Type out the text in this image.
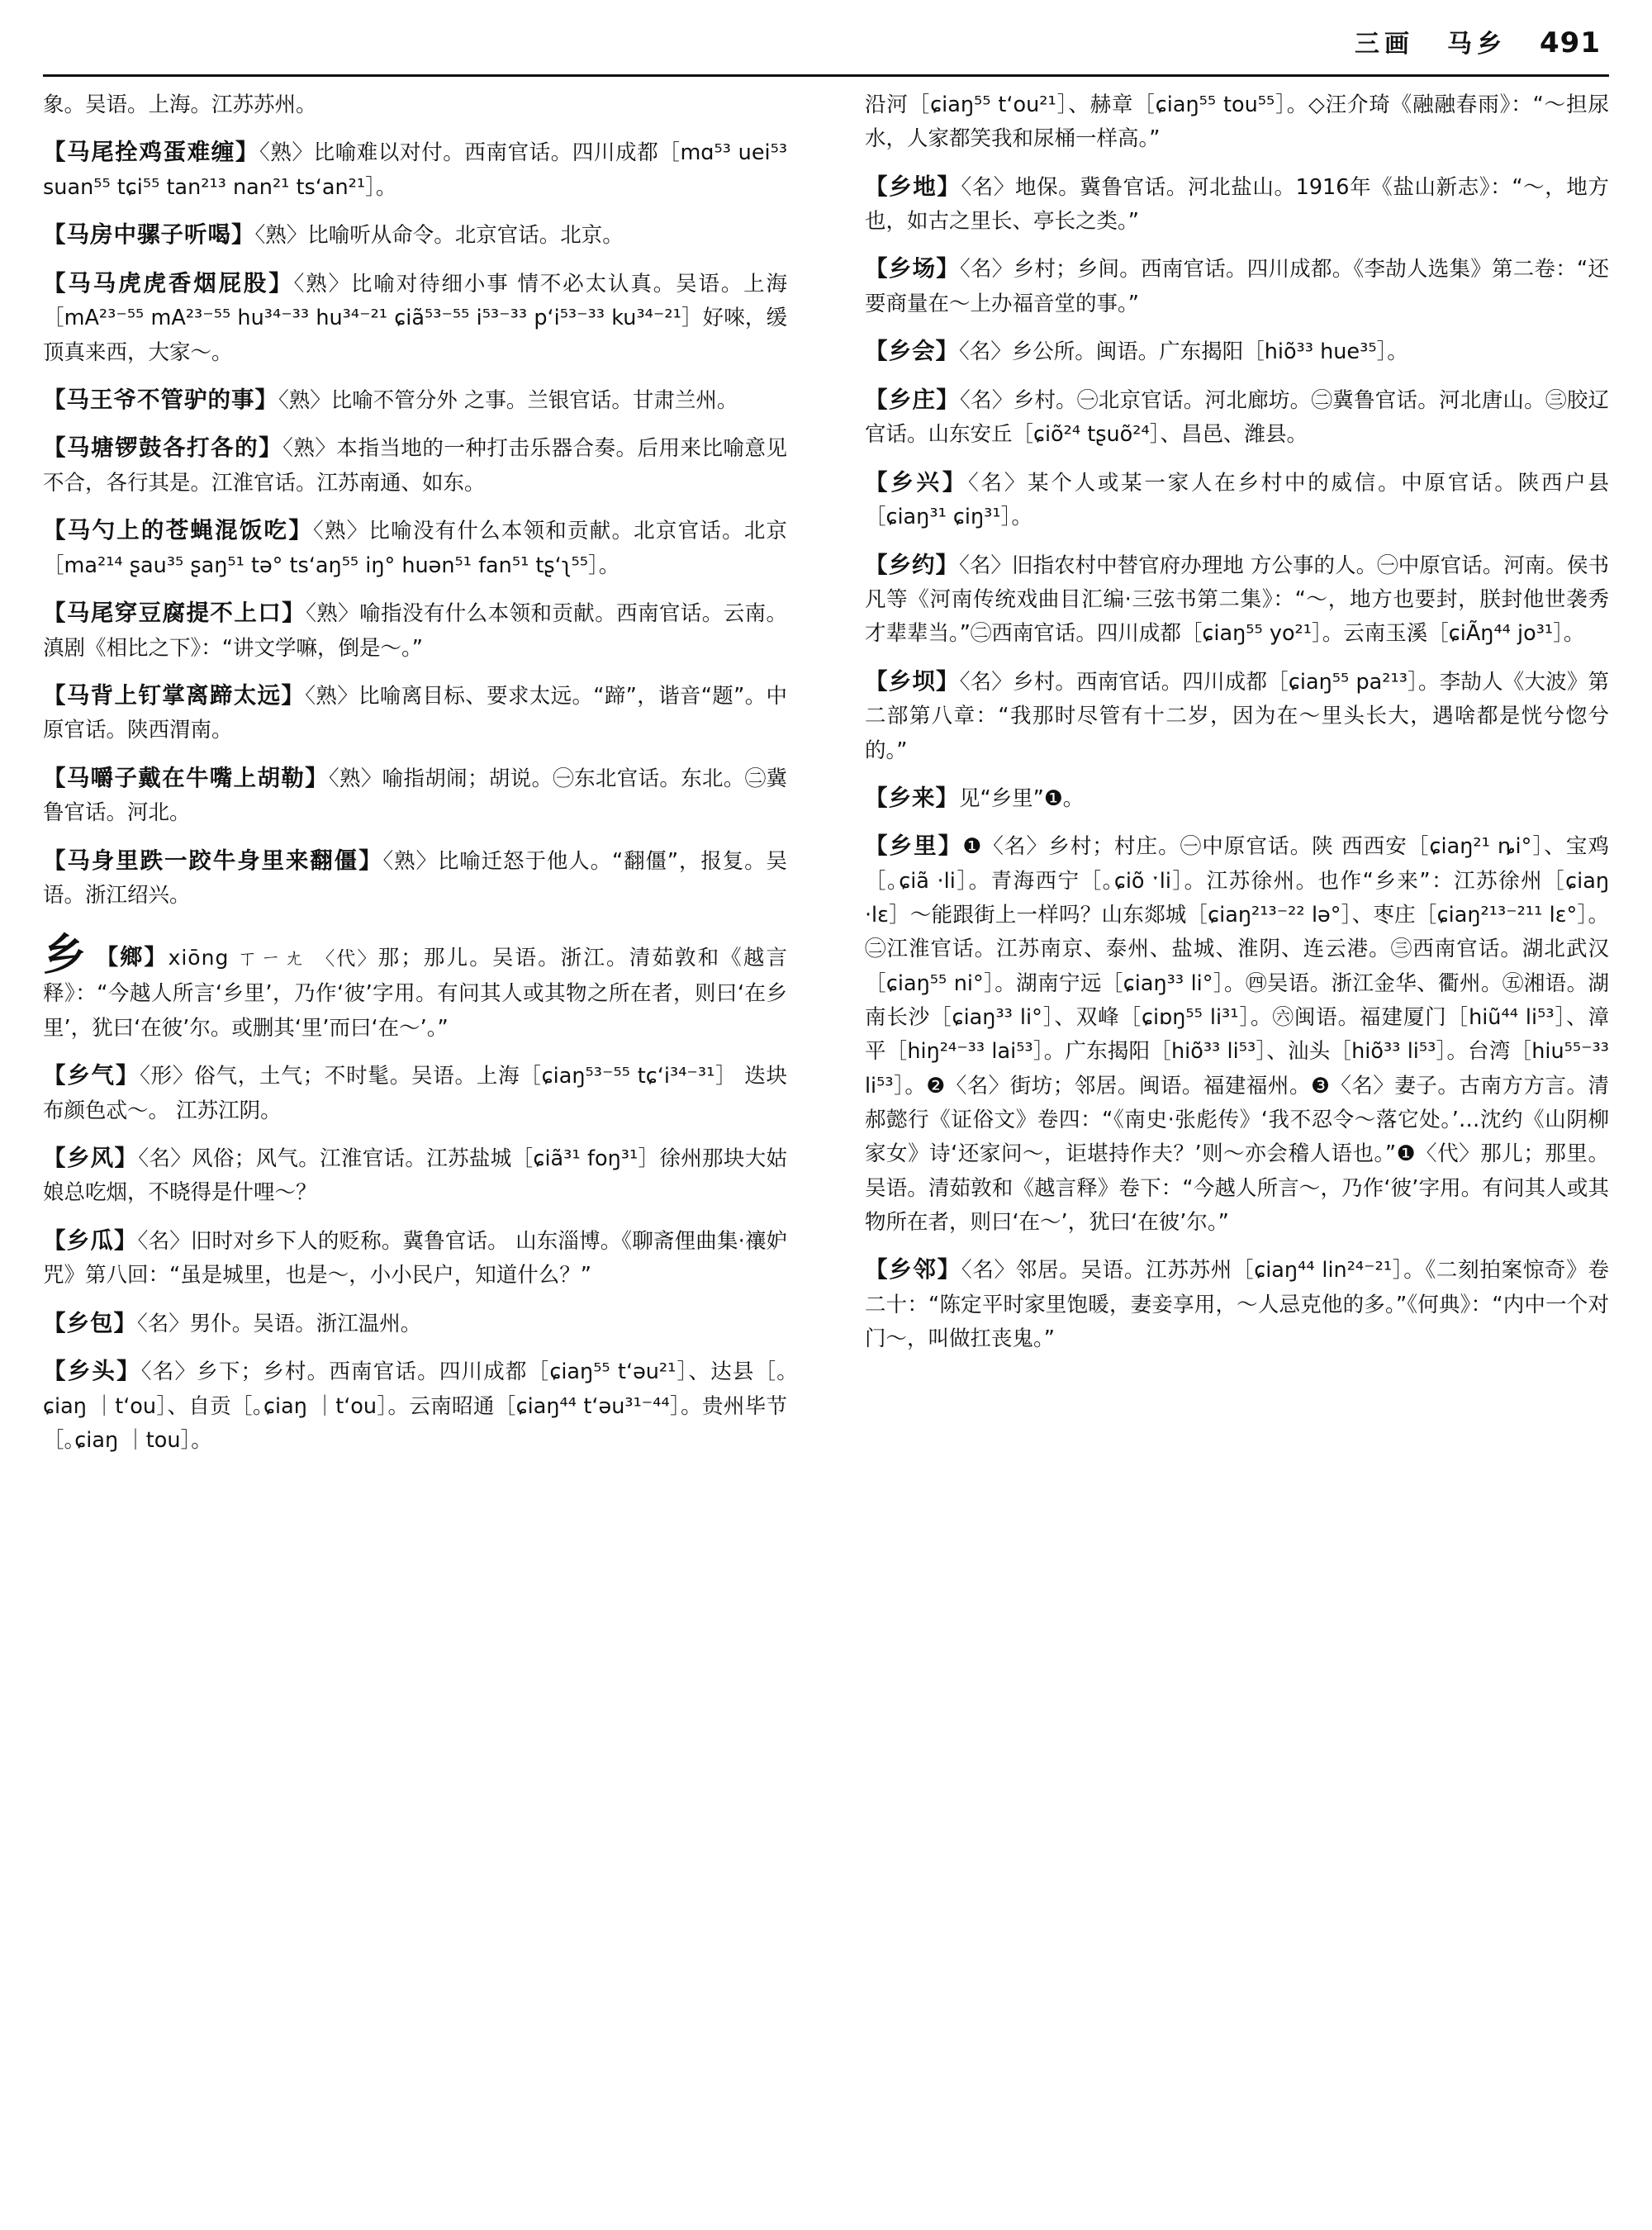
三画 马乡 491
象。吴语。上海。江苏苏州。
【马尾拴鸡蛋难缠】〈熟〉比喻难以对付。西南官话。四川成都［mɑ⁵³ uei⁵³ suan⁵⁵ tɕi⁵⁵ tan²¹³ nan²¹ tsʻan²¹］。
【马房中骡子听喝】〈熟〉比喻听从命令。北京官话。北京。
【马马虎虎香烟屁股】〈熟〉比喻对待细小事 情不必太认真。吴语。上海［mA²³⁻⁵⁵ mA²³⁻⁵⁵ hu³⁴⁻³³ hu³⁴⁻²¹ ɕiã⁵³⁻⁵⁵ i⁵³⁻³³ pʻi⁵³⁻³³ ku³⁴⁻²¹］好唻，缓顶真来西，大家～。
【马王爷不管驴的事】〈熟〉比喻不管分外 之事。兰银官话。甘肃兰州。
【马塘锣鼓各打各的】〈熟〉本指当地的一种打击乐器合奏。后用来比喻意见不合，各行其是。江淮官话。江苏南通、如东。
【马勺上的苍蝇混饭吃】〈熟〉比喻没有什么本领和贡献。北京官话。北京［ma²¹⁴ ʂau³⁵ ʂaŋ⁵¹ tə° tsʻaŋ⁵⁵ iŋ° huən⁵¹ fan⁵¹ tʂʻʅ⁵⁵］。
【马尾穿豆腐提不上口】〈熟〉喻指没有什么本领和贡献。西南官话。云南。滇剧《相比之下》：“讲文学嘛，倒是～。”
【马背上钉掌离蹄太远】〈熟〉比喻离目标、要求太远。“蹄”，谐音“题”。中原官话。陕西渭南。
【马嚼子戴在牛嘴上胡勒】〈熟〉喻指胡闹；胡说。㊀东北官话。东北。㊁冀鲁官话。河北。
【马身里跌一跤牛身里来翻僵】〈熟〉比喻迁怒于他人。“翻僵”，报复。吴语。浙江绍兴。
乡 【鄉】xiōng ㄒㄧㄤ 〈代〉那；那儿。吴语。浙江。清茹敦和《越言释》：“今越人所言‘乡里’，乃作‘彼’字用。有问其人或其物之所在者，则曰‘在乡里’，犹曰‘在彼’尔。或删其‘里’而曰‘在～’。”
【乡气】〈形〉俗气，土气；不时髦。吴语。上海［ɕiaŋ⁵³⁻⁵⁵ tɕʻi³⁴⁻³¹］ 迭块布颜色忒～。 江苏江阴。
【乡风】〈名〉风俗；风气。江淮官话。江苏盐城［ɕiã³¹ foŋ³¹］徐州那块大姑娘总吃烟，不晓得是什哩～？
【乡瓜】〈名〉旧时对乡下人的贬称。冀鲁官话。 山东淄博。《聊斋俚曲集·禳妒咒》第八回：“虽是城里，也是～，小小民户，知道什么？”
【乡包】〈名〉男仆。吴语。浙江温州。
【乡头】〈名〉乡下；乡村。西南官话。四川成都［ɕiaŋ⁵⁵ tʻəu²¹］、达县［｡ɕiaŋ ｜tʻou］、自贡［｡ɕiaŋ ｜tʻou］。云南昭通［ɕiaŋ⁴⁴ tʻəu³¹⁻⁴⁴］。贵州毕节［｡ɕiaŋ ｜tou］。
沿河［ɕiaŋ⁵⁵ tʻou²¹］、赫章［ɕiaŋ⁵⁵ tou⁵⁵］。◇汪介琦《融融春雨》：“～担尿水，人家都笑我和尿桶一样高。”
【乡地】〈名〉地保。冀鲁官话。河北盐山。1916年《盐山新志》：“～，地方也，如古之里长、亭长之类。”
【乡场】〈名〉乡村；乡间。西南官话。四川成都。《李劼人选集》第二卷：“还要商量在～上办福音堂的事。”
【乡会】〈名〉乡公所。闽语。广东揭阳［hiõ³³ hue³⁵］。
【乡庄】〈名〉乡村。㊀北京官话。河北廊坊。㊁冀鲁官话。河北唐山。㊂胶辽官话。山东安丘［ɕiõ²⁴ tʂuõ²⁴］、昌邑、潍县。
【乡兴】〈名〉某个人或某一家人在乡村中的威信。中原官话。陕西户县［ɕiaŋ³¹ ɕiŋ³¹］。
【乡约】〈名〉旧指农村中替官府办理地 方公事的人。㊀中原官话。河南。侯书凡等《河南传统戏曲目汇编·三弦书第二集》：“～，地方也要封，朕封他世袭秀才辈辈当。”㊁西南官话。四川成都［ɕiaŋ⁵⁵ yo²¹］。云南玉溪［ɕiÃŋ⁴⁴ jo³¹］。
【乡坝】〈名〉乡村。西南官话。四川成都［ɕiaŋ⁵⁵ pa²¹³］。李劼人《大波》第二部第八章：“我那时尽管有十二岁，因为在～里头长大，遇啥都是恍兮惚兮的。”
【乡来】见“乡里”❶。
【乡里】❶〈名〉乡村；村庄。㊀中原官话。陕 西西安［ɕiaŋ²¹ ȵi°］、宝鸡［｡ɕiã ·li］。青海西宁［｡ɕiõ ˑli］。江苏徐州。也作“乡来”：江苏徐州［ɕiaŋ ·lɛ］～能跟街上一样吗？山东郯城［ɕiaŋ²¹³⁻²² lə°］、枣庄［ɕiaŋ²¹³⁻²¹¹ lɛ°］。㊁江淮官话。江苏南京、泰州、盐城、淮阴、连云港。㊂西南官话。湖北武汉［ɕiaŋ⁵⁵ ni°］。湖南宁远［ɕiaŋ³³ li°］。㊃吴语。浙江金华、衢州。㊄湘语。湖南长沙［ɕiaŋ³³ li°］、双峰［ɕiɒŋ⁵⁵ li³¹］。㊅闽语。福建厦门［hiũ⁴⁴ li⁵³］、漳平［hiŋ²⁴⁻³³ lai⁵³］。广东揭阳［hiõ³³ li⁵³］、汕头［hiõ³³ li⁵³］。台湾［hiu⁵⁵⁻³³ li⁵³］。❷〈名〉街坊；邻居。闽语。福建福州。❸〈名〉妻子。古南方方言。清郝懿行《证俗文》卷四：“《南史·张彪传》‘我不忍令～落它处。’…沈约《山阴柳家女》诗‘还家问～，讵堪持作夫？’则～亦会稽人语也。”❶〈代〉那儿；那里。吴语。清茹敦和《越言释》卷下：“今越人所言～，乃作‘彼’字用。有问其人或其物所在者，则曰‘在～’，犹曰‘在彼’尔。”
【乡邻】〈名〉邻居。吴语。江苏苏州［ɕiaŋ⁴⁴ lin²⁴⁻²¹］。《二刻拍案惊奇》卷二十：“陈定平时家里饱暖，妻妾享用，～人忌克他的多。”《何典》：“内中一个对门～，叫做扛丧鬼。”
